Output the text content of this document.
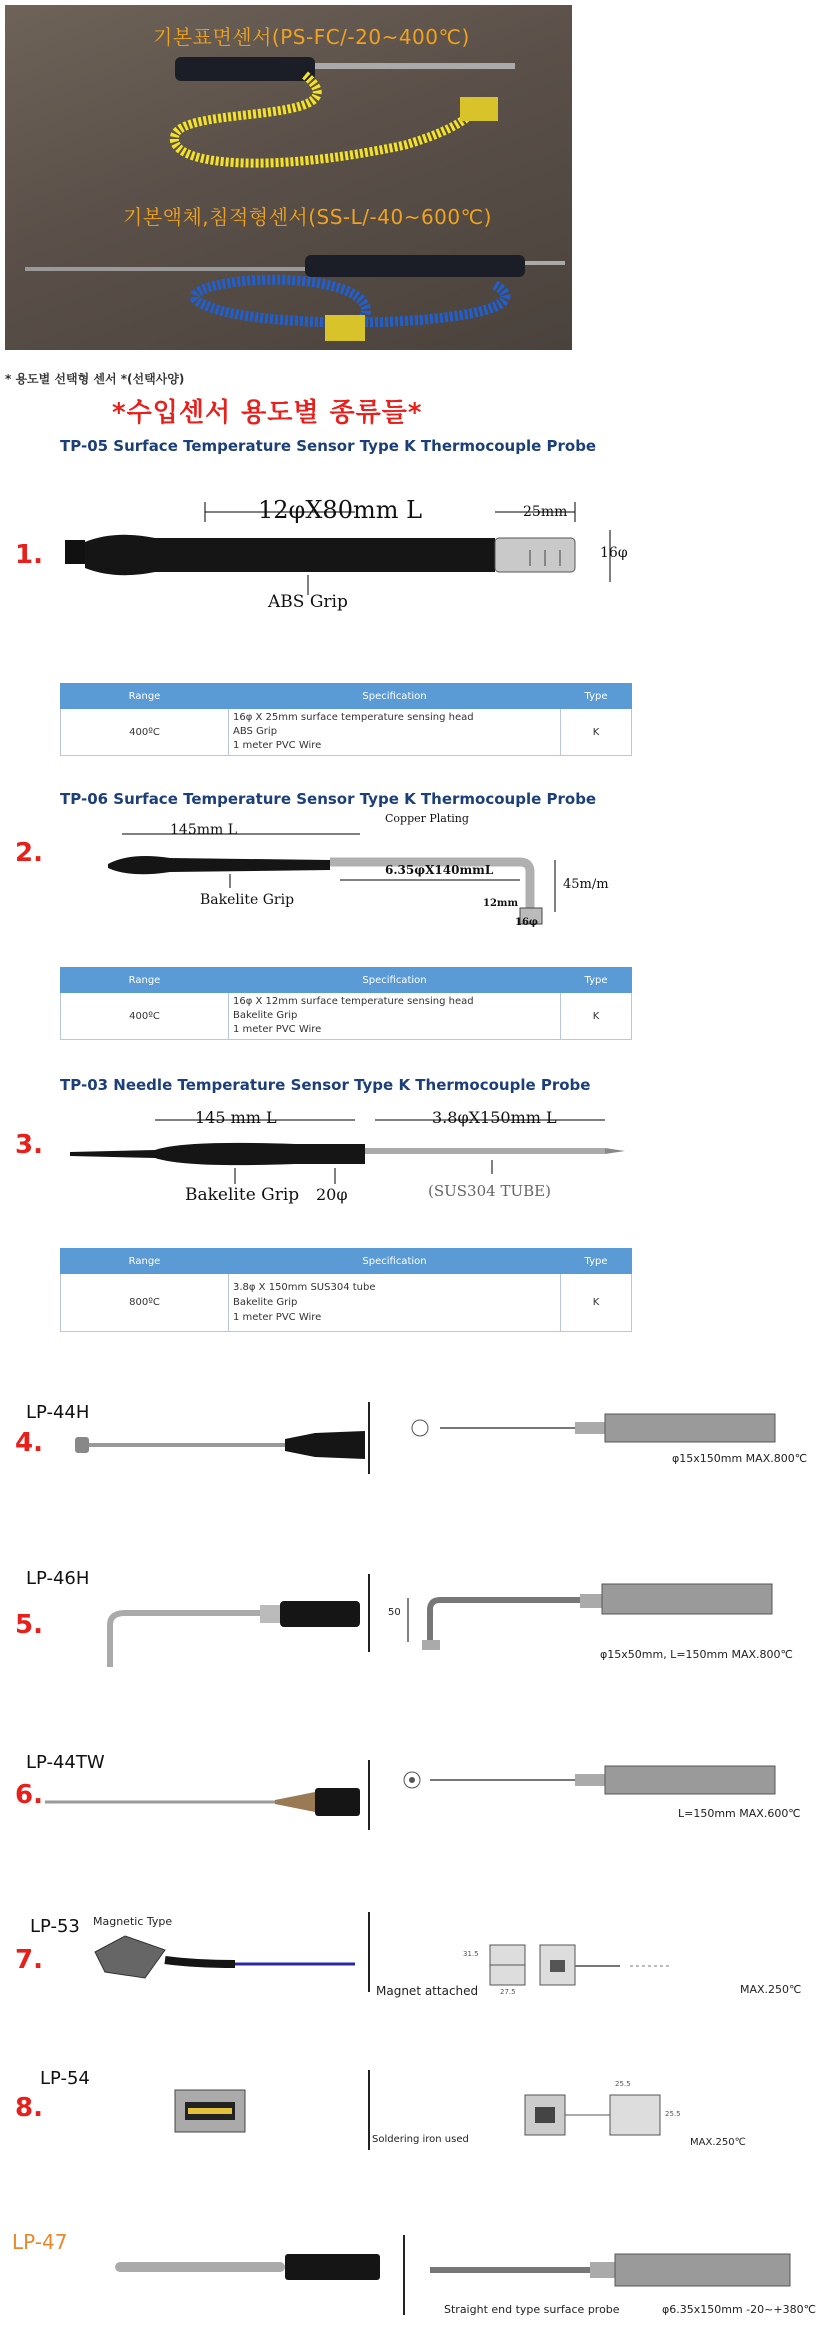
기본표면센서(PS-FC/-20~400℃)
기본액체,침적형센서(SS-L/-40~600℃)
* 용도별 선택형 센서 *(선택사양)
*수입센서 용도별 종류들*
TP-05 Surface Temperature Sensor Type K Thermocouple Probe
1.
12φX80mm L	25mm
16φ
ABS Grip
Range	Specification	Type
400ºC	16φ X 25mm surface temperature sensing head
ABS Grip
1 meter PVC Wire	K
TP-06 Surface Temperature Sensor Type K Thermocouple Probe
2.
145mm L
Copper Plating
6.35φX140mmL
45m/m
12mm
16φ
Bakelite Grip
Range	Specification	Type
400ºC	16φ X 12mm surface temperature sensing head
Bakelite Grip
1 meter PVC Wire	K
TP-03 Needle Temperature Sensor Type K Thermocouple Probe
3.
145 mm L	3.8φX150mm L
Bakelite Grip 20φ	(SUS304 TUBE)
Range	Specification	Type
800ºC	3.8φ X 150mm SUS304 tube
Bakelite Grip
1 meter PVC Wire	K
LP-44H
4.
φ15x150mm MAX.800℃
LP-46H
5.	50
φ15x50mm, L=150mm MAX.800℃
LP-44TW
6.
L=150mm MAX.600℃
LP-53 Magnetic Type
7.
Magnet attached
31.5
27.5	MAX.250℃
LP-54
8.
Soldering iron used
25.5
25.5
MAX.250℃
LP-47
Straight end type surface probe	φ6.35x150mm -20~+380℃
